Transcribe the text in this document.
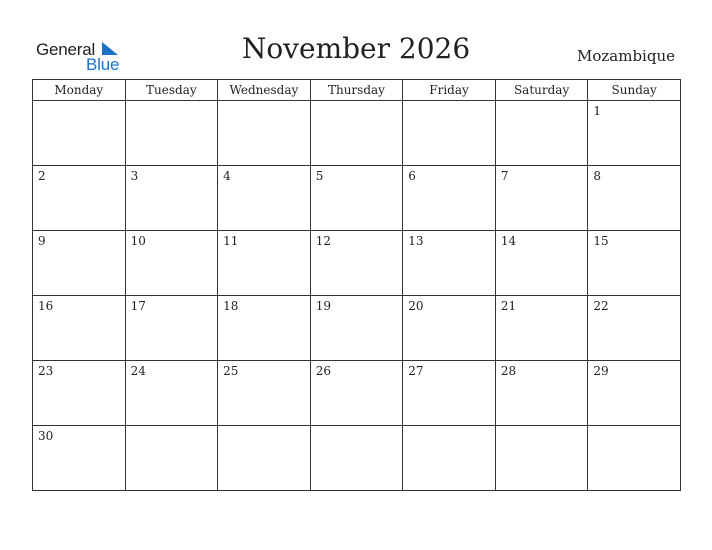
General
Blue	November 2026	Mozambique
Monday	Tuesday	Wednesday	Thursday	Friday	Saturday	Sunday

						1

2	3	4	5	6	7	8

9	10	11	12	13	14	15

16	17	18	19	20	21	22

23	24	25	26	27	28	29

30						
